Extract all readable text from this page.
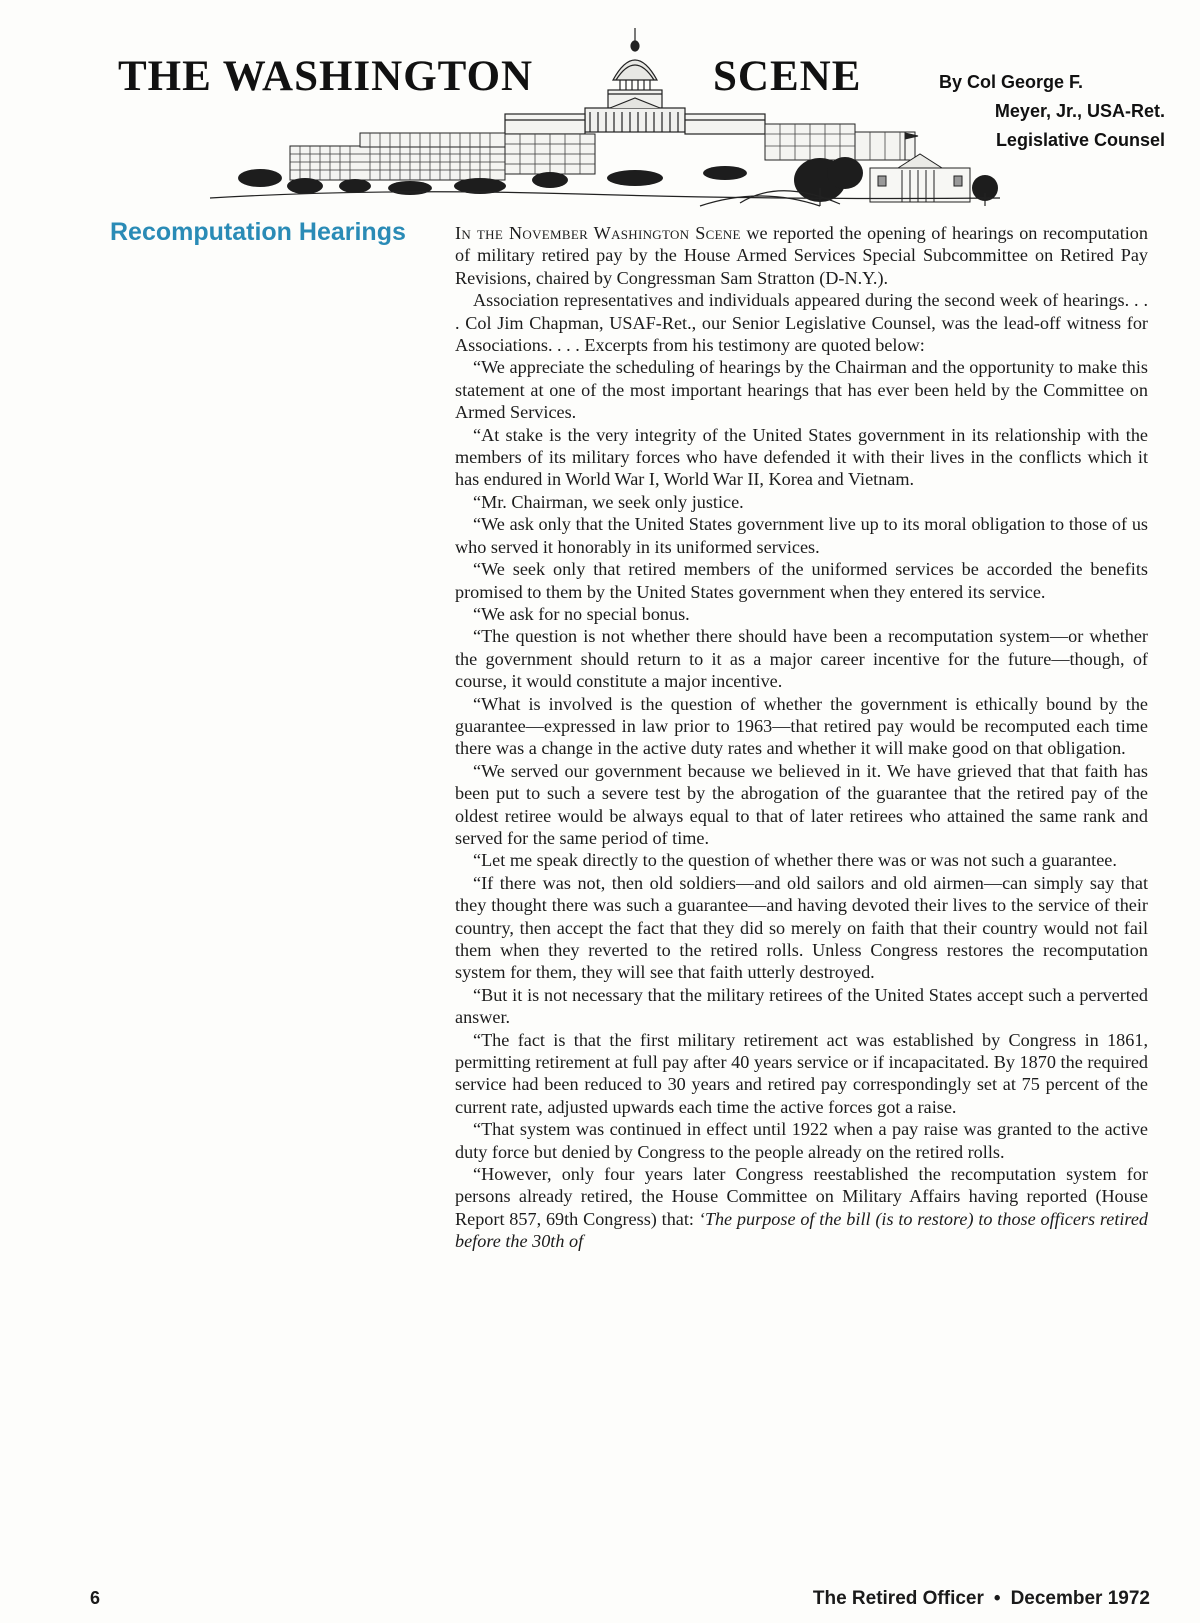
THE WASHINGTON	SCENE	By Col George F.
Meyer, Jr., USA-Ret.
Legislative Counsel
Recomputation Hearings	In the November Washington Scene we reported the opening of hearings on recomputation of military retired pay by the House Armed Services Special Subcommittee on Retired Pay Revisions, chaired by Congressman Sam Stratton (D-N.Y.).

Association representatives and individuals appeared during the second week of hearings. . . . Col Jim Chapman, USAF-Ret., our Senior Legislative Counsel, was the lead-off witness for Associations. . . . Excerpts from his testimony are quoted below:

“We appreciate the scheduling of hearings by the Chairman and the opportunity to make this statement at one of the most important hearings that has ever been held by the Committee on Armed Services.

“At stake is the very integrity of the United States government in its relationship with the members of its military forces who have defended it with their lives in the conflicts which it has endured in World War I, World War II, Korea and Vietnam.

“Mr. Chairman, we seek only justice.

“We ask only that the United States government live up to its moral obligation to those of us who served it honorably in its uniformed services.

“We seek only that retired members of the uniformed services be accorded the benefits promised to them by the United States government when they entered its service.

“We ask for no special bonus.

“The question is not whether there should have been a recomputation system—or whether the government should return to it as a major career incentive for the future—though, of course, it would constitute a major incentive.

“What is involved is the question of whether the government is ethically bound by the guarantee—expressed in law prior to 1963—that retired pay would be recomputed each time there was a change in the active duty rates and whether it will make good on that obligation.

“We served our government because we believed in it. We have grieved that that faith has been put to such a severe test by the abrogation of the guarantee that the retired pay of the oldest retiree would be always equal to that of later retirees who attained the same rank and served for the same period of time.

“Let me speak directly to the question of whether there was or was not such a guarantee.

“If there was not, then old soldiers—and old sailors and old airmen—can simply say that they thought there was such a guarantee—and having devoted their lives to the service of their country, then accept the fact that they did so merely on faith that their country would not fail them when they reverted to the retired rolls. Unless Congress restores the recomputation system for them, they will see that faith utterly destroyed.

“But it is not necessary that the military retirees of the United States accept such a perverted answer.

“The fact is that the first military retirement act was established by Congress in 1861, permitting retirement at full pay after 40 years service or if incapacitated. By 1870 the required service had been reduced to 30 years and retired pay correspondingly set at 75 percent of the current rate, adjusted upwards each time the active forces got a raise.

“That system was continued in effect until 1922 when a pay raise was granted to the active duty force but denied by Congress to the people already on the retired rolls.

“However, only four years later Congress reestablished the recomputation system for persons already retired, the House Committee on Military Affairs having reported (House Report 857, 69th Congress) that: ‘The purpose of the bill (is to restore) to those officers retired before the 30th of

6	The Retired Officer • December 1972
